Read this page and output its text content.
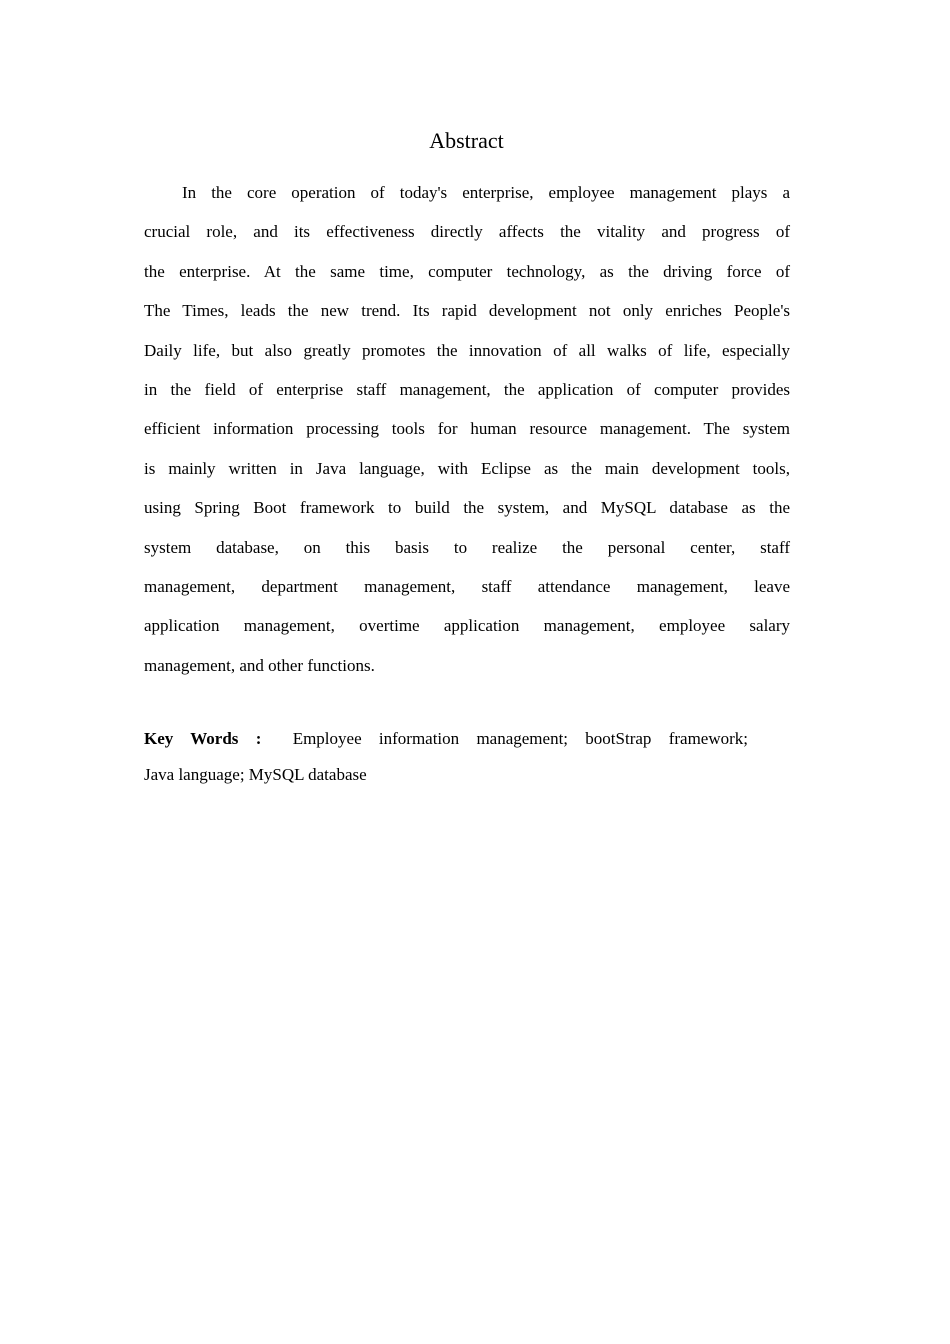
Abstract
In the core operation of today's enterprise, employee management plays a
crucial role, and its effectiveness directly affects the vitality and progress of
the enterprise. At the same time, computer technology, as the driving force of
The Times, leads the new trend. Its rapid development not only enriches People's
Daily life, but also greatly promotes the innovation of all walks of life, especially
in the field of enterprise staff management, the application of computer provides
efficient information processing tools for human resource management. The system
is mainly written in Java language, with Eclipse as the main development tools,
using Spring Boot framework to build the system, and MySQL database as the
system database, on this basis to realize the personal center, staff
management, department management, staff attendance management, leave
application management, overtime application management, employee salary
management, and other functions.
Key Words : Employee information management; bootStrap framework;
Java language; MySQL database
